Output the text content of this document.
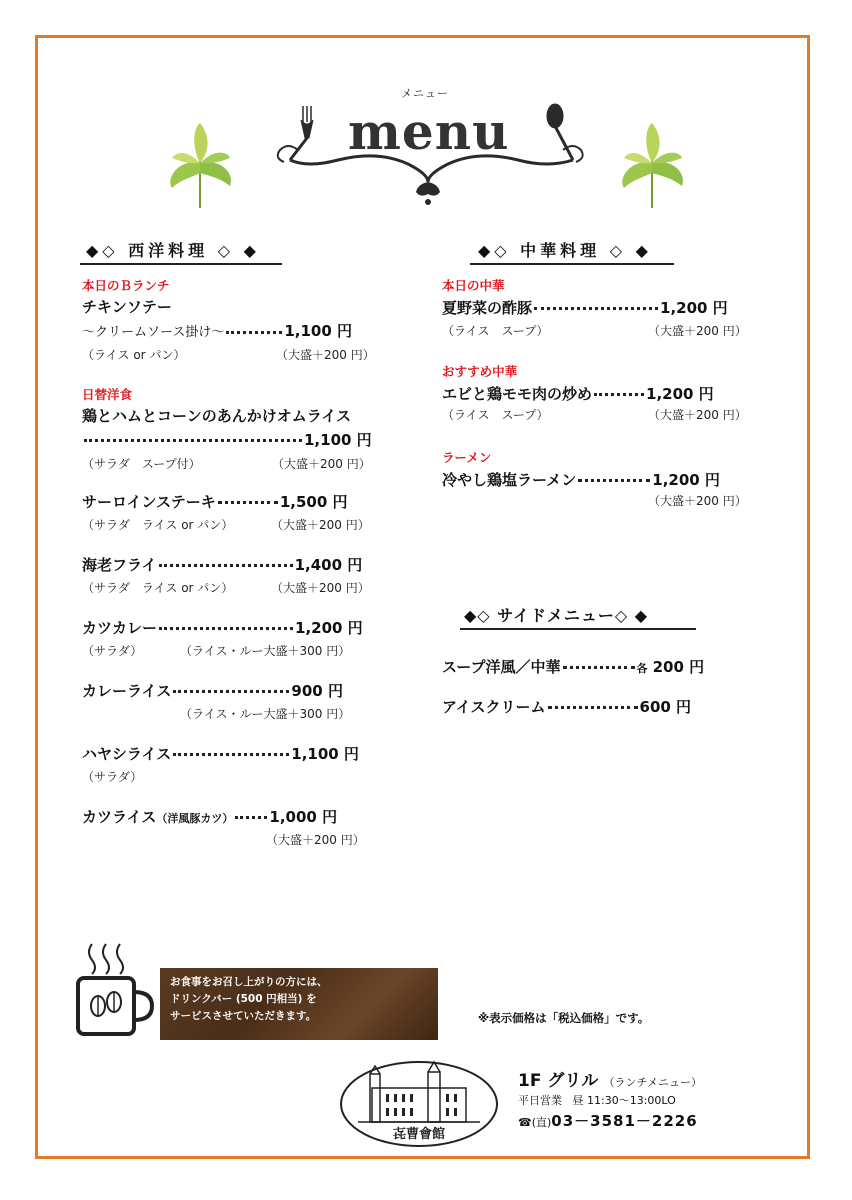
メニュー
menu
◆◇ 西洋料理 ◇ ◆
本日のＢランチ
チキンソテー
～クリームソース掛け～	1,100 円
（ライス or パン）	（大盛＋200 円）
日替洋食
鶏とハムとコーンのあんかけオムライス
1,100 円
（サラダ　スープ付）	（大盛＋200 円）
サーロインステーキ	1,500 円
（サラダ　ライス or パン）	（大盛＋200 円）
海老フライ	1,400 円
（サラダ　ライス or パン）	（大盛＋200 円）
カツカレー	1,200 円
（サラダ）	（ライス・ルー大盛＋300 円）
カレーライス	900 円
（ライス・ルー大盛＋300 円）
ハヤシライス	1,100 円
（サラダ）
カツライス（洋風豚カツ） 1,000 円
（大盛＋200 円）
◆◇ 中華料理 ◇ ◆
本日の中華
夏野菜の酢豚	1,200 円
（ライス　スープ）	（大盛＋200 円）
おすすめ中華
エビと鶏モモ肉の炒め	1,200 円
（ライス　スープ）	（大盛＋200 円）
ラーメン
冷やし鶏塩ラーメン	1,200 円
（大盛＋200 円）
◆◇ サイドメニュー◇ ◆
スープ洋風／中華	各 200 円
アイスクリーム	600 円
お食事をお召し上がりの方には、
ドリンクバー (500 円相当) を
サービスさせていただきます。	※表示価格は「税込価格」です。
㐂曹會館
1F グリル （ランチメニュー）
平日営業 昼 11:30～13:00LO
☎(直)03－3581－2226
